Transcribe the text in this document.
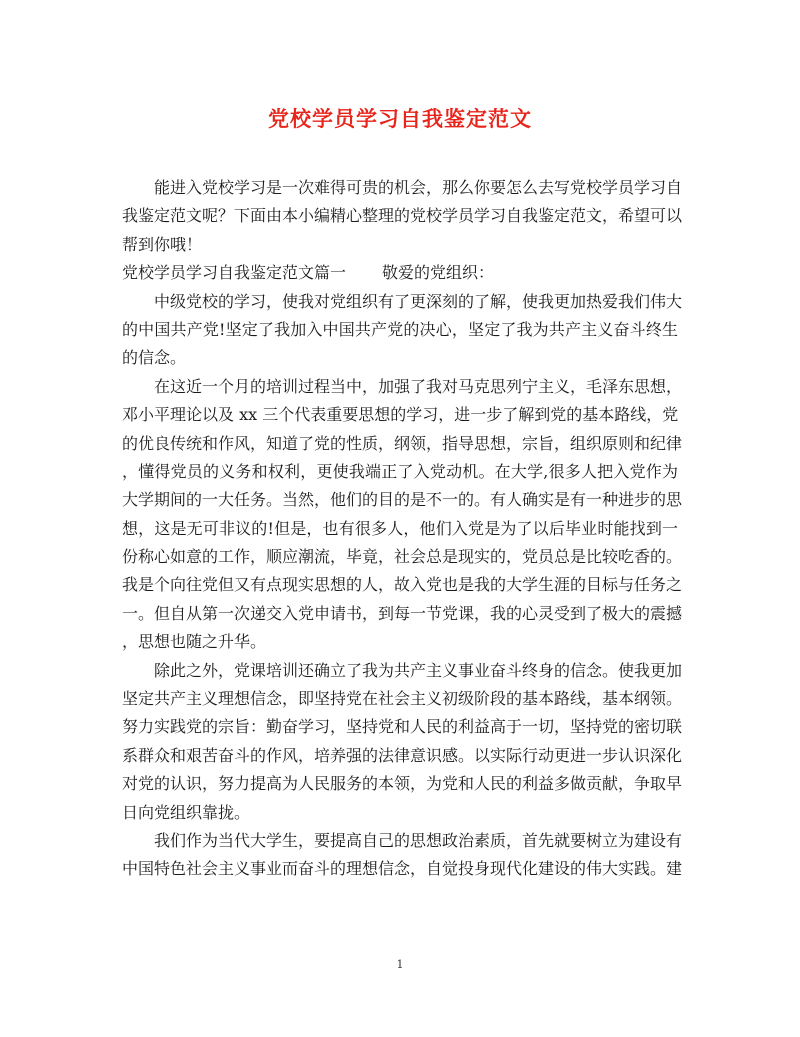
党校学员学习自我鉴定范文
能进入党校学习是一次难得可贵的机会，那么你要怎么去写党校学员学习自
我鉴定范文呢？下面由本小编精心整理的党校学员学习自我鉴定范文，希望可以
帮到你哦！
党校学员学习自我鉴定范文篇一 敬爱的党组织：
中级党校的学习，使我对党组织有了更深刻的了解，使我更加热爱我们伟大
的中国共产党!坚定了我加入中国共产党的决心，坚定了我为共产主义奋斗终生
的信念。
在这近一个月的培训过程当中，加强了我对马克思列宁主义，毛泽东思想，
邓小平理论以及 xx 三个代表重要思想的学习，进一步了解到党的基本路线，党
的优良传统和作风，知道了党的性质，纲领，指导思想，宗旨，组织原则和纪律
，懂得党员的义务和权利，更使我端正了入党动机。在大学,很多人把入党作为
大学期间的一大任务。当然，他们的目的是不一的。有人确实是有一种进步的思
想，这是无可非议的!但是，也有很多人，他们入党是为了以后毕业时能找到一
份称心如意的工作，顺应潮流，毕竟，社会总是现实的，党员总是比较吃香的。
我是个向往党但又有点现实思想的人，故入党也是我的大学生涯的目标与任务之
一。但自从第一次递交入党申请书，到每一节党课，我的心灵受到了极大的震撼
，思想也随之升华。
除此之外，党课培训还确立了我为共产主义事业奋斗终身的信念。使我更加
坚定共产主义理想信念，即坚持党在社会主义初级阶段的基本路线，基本纲领。
努力实践党的宗旨：勤奋学习，坚持党和人民的利益高于一切，坚持党的密切联
系群众和艰苦奋斗的作风，培养强的法律意识感。以实际行动更进一步认识深化
对党的认识，努力提高为人民服务的本领，为党和人民的利益多做贡献，争取早
日向党组织靠拢。
我们作为当代大学生，要提高自己的思想政治素质，首先就要树立为建设有
中国特色社会主义事业而奋斗的理想信念，自觉投身现代化建设的伟大实践。建
1
